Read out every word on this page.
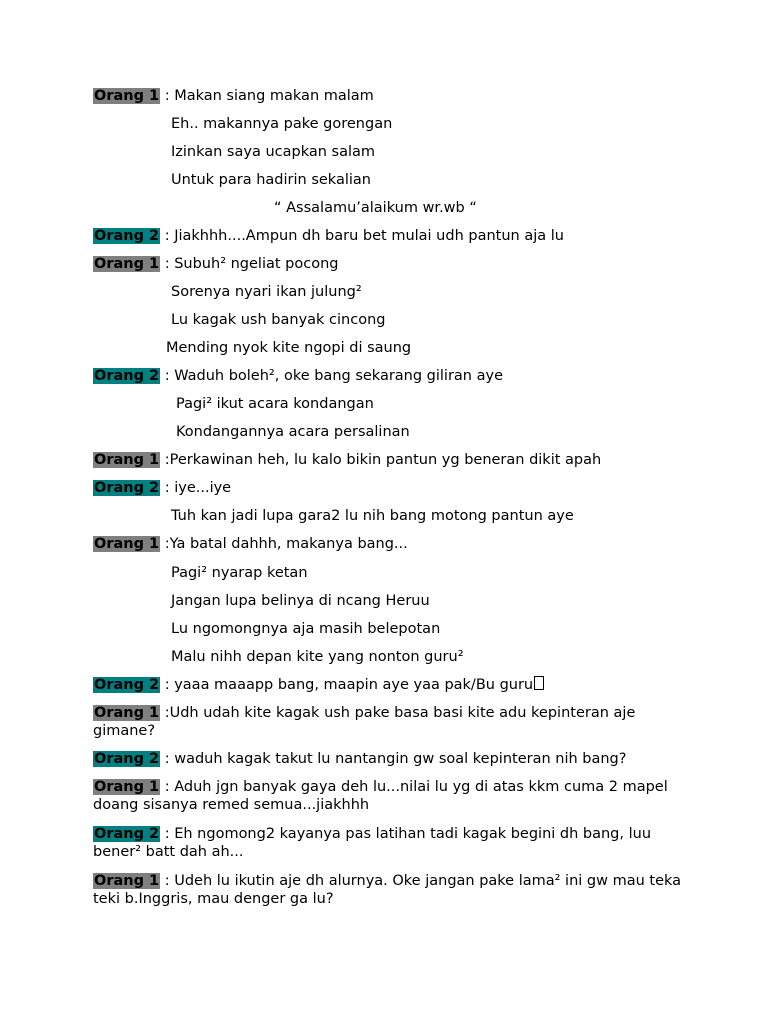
Orang 1 : Makan siang makan malam
Eh.. makannya pake gorengan
Izinkan saya ucapkan salam
Untuk para hadirin sekalian
“ Assalamu’alaikum wr.wb “
Orang 2 : Jiakhhh....Ampun dh baru bet mulai udh pantun aja lu
Orang 1 : Subuh² ngeliat pocong
Sorenya nyari ikan julung²
Lu kagak ush banyak cincong
Mending nyok kite ngopi di saung
Orang 2 : Waduh boleh², oke bang sekarang giliran aye
Pagi² ikut acara kondangan
Kondangannya acara persalinan
Orang 1 :Perkawinan heh, lu kalo bikin pantun yg beneran dikit apah
Orang 2 : iye...iye
Tuh kan jadi lupa gara2 lu nih bang motong pantun aye
Orang 1 :Ya batal dahhh, makanya bang...
Pagi² nyarap ketan
Jangan lupa belinya di ncang Heruu
Lu ngomongnya aja masih belepotan
Malu nihh depan kite yang nonton guru²
Orang 2 : yaaa maaapp bang, maapin aye yaa pak/Bu guru
Orang 1 :Udh udah kite kagak ush pake basa basi kite adu kepinteran aje gimane?
Orang 2 : waduh kagak takut lu nantangin gw soal kepinteran nih bang?
Orang 1 : Aduh jgn banyak gaya deh lu...nilai lu yg di atas kkm cuma 2 mapel doang sisanya remed semua...jiakhhh
Orang 2 : Eh ngomong2 kayanya pas latihan tadi kagak begini dh bang, luu bener² batt dah ah...
Orang 1 : Udeh lu ikutin aje dh alurnya. Oke jangan pake lama² ini gw mau teka teki b.Inggris, mau denger ga lu?
